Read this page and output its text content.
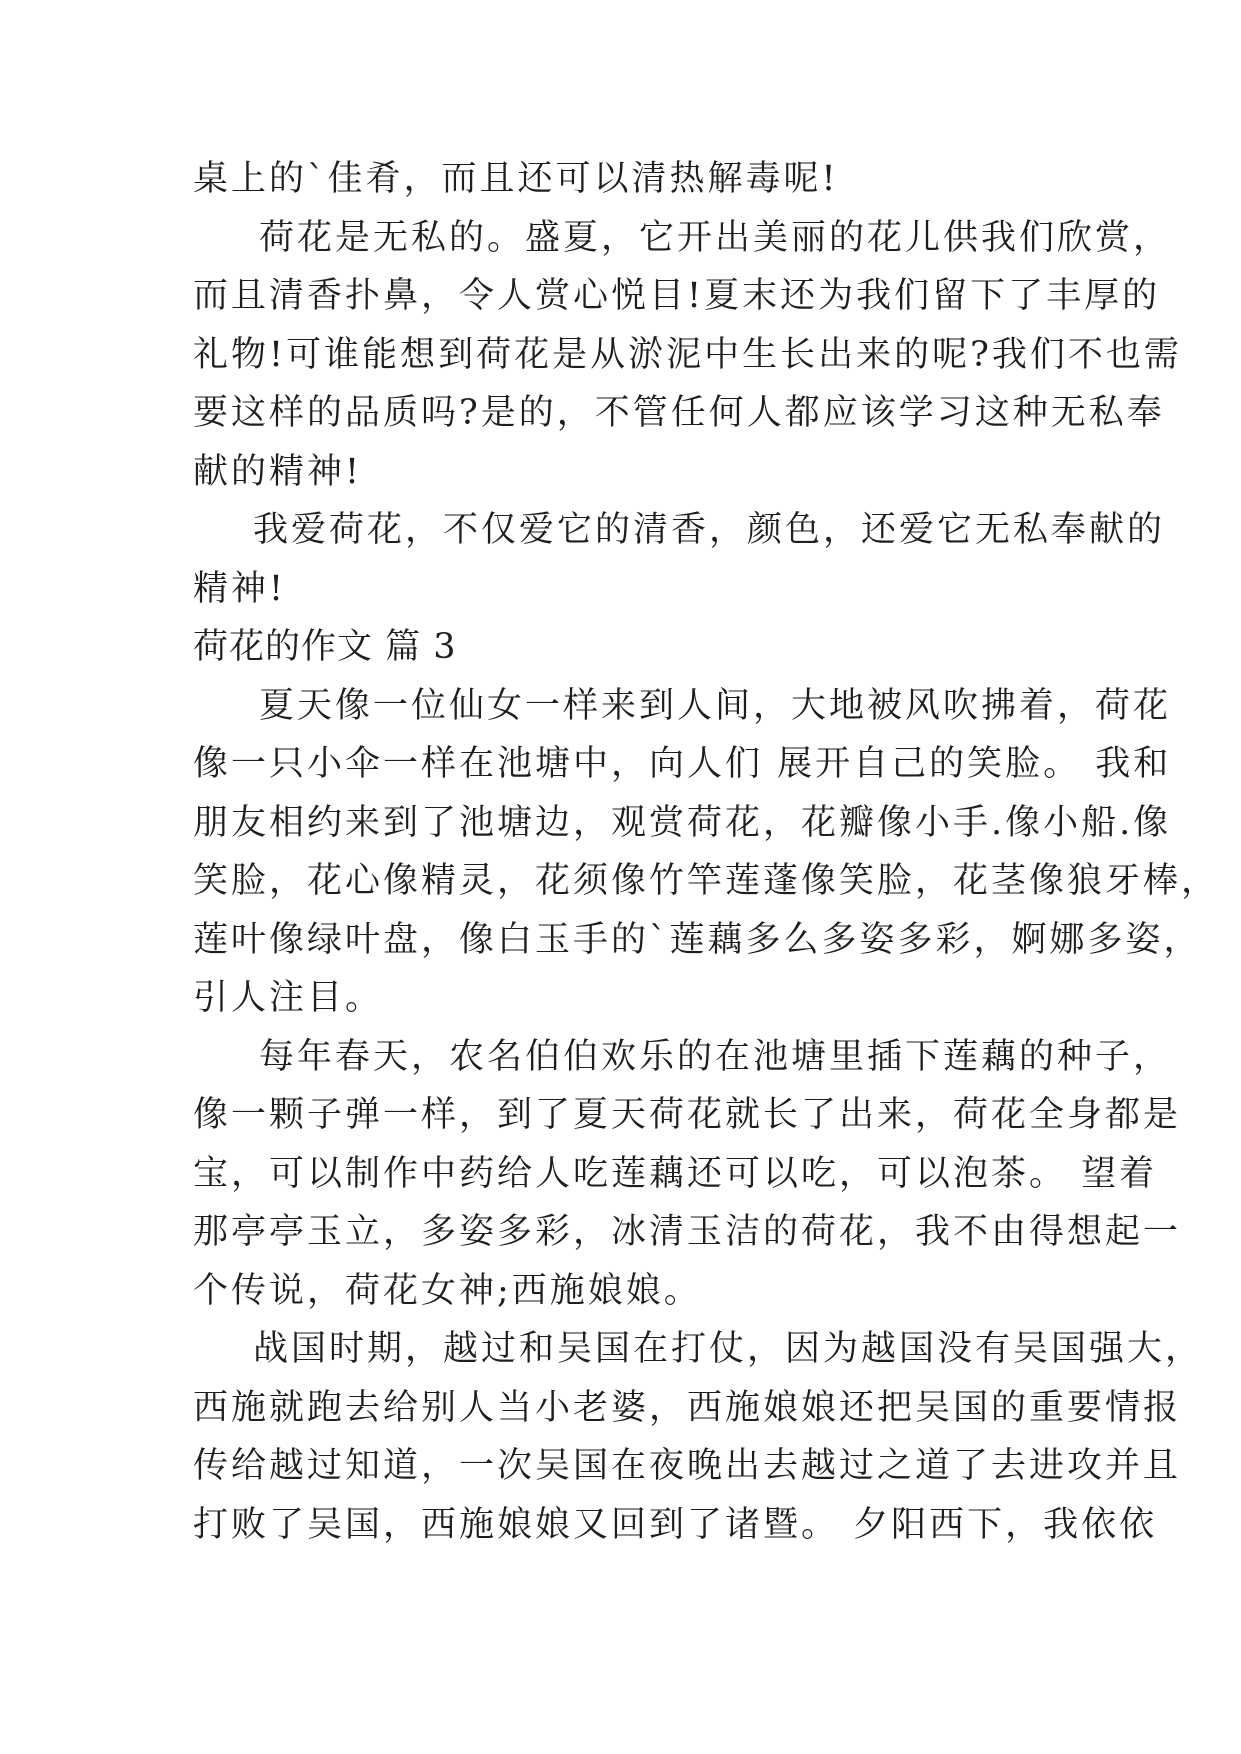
桌上的`佳肴，而且还可以清热解毒呢!
荷花是无私的。盛夏，它开出美丽的花儿供我们欣赏，
而且清香扑鼻，令人赏心悦目!夏末还为我们留下了丰厚的
礼物!可谁能想到荷花是从淤泥中生长出来的呢?我们不也需
要这样的品质吗?是的，不管任何人都应该学习这种无私奉
献的精神!
我爱荷花，不仅爱它的清香，颜色，还爱它无私奉献的
精神!
荷花的作文 篇 3
夏天像一位仙女一样来到人间，大地被风吹拂着，荷花
像一只小伞一样在池塘中，向人们 展开自己的笑脸。 我和
朋友相约来到了池塘边，观赏荷花，花瓣像小手.像小船.像
笑脸，花心像精灵，花须像竹竿莲蓬像笑脸，花茎像狼牙棒，
莲叶像绿叶盘，像白玉手的`莲藕多么多姿多彩，婀娜多姿，
引人注目。
每年春天，农名伯伯欢乐的在池塘里插下莲藕的种子，
像一颗子弹一样，到了夏天荷花就长了出来，荷花全身都是
宝，可以制作中药给人吃莲藕还可以吃，可以泡茶。 望着
那亭亭玉立，多姿多彩，冰清玉洁的荷花，我不由得想起一
个传说，荷花女神;西施娘娘。
战国时期，越过和吴国在打仗，因为越国没有吴国强大，
西施就跑去给别人当小老婆，西施娘娘还把吴国的重要情报
传给越过知道，一次吴国在夜晚出去越过之道了去进攻并且
打败了吴国，西施娘娘又回到了诸暨。 夕阳西下，我依依
